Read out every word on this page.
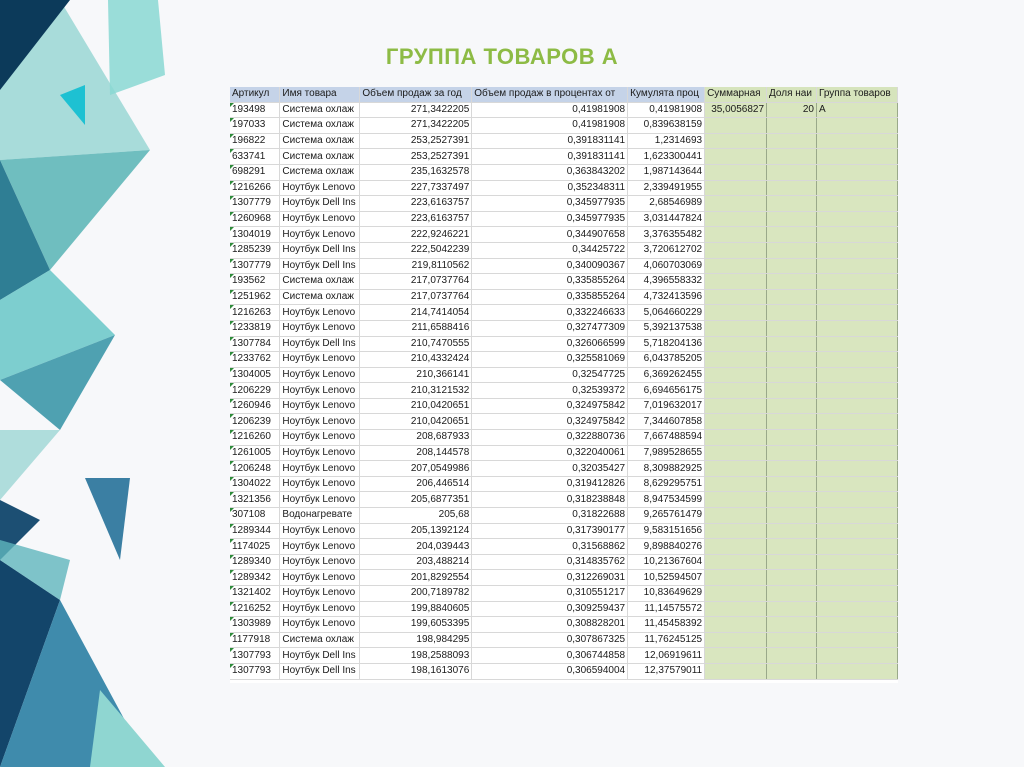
ГРУППА ТОВАРОВ А
Артикул	Имя товара	Объем продаж за год	Объем продаж в процентах от	Кумулята проц	Суммарная	Доля наи	Группа товаров
193498	Система охлаж	271,3422205	0,41981908	0,41981908	35,0056827	20	А
197033	Система охлаж	271,3422205	0,41981908	0,839638159			
196822	Система охлаж	253,2527391	0,391831141	1,2314693			
633741	Система охлаж	253,2527391	0,391831141	1,623300441			
698291	Система охлаж	235,1632578	0,363843202	1,987143644			
1216266	Ноутбук Lenovo	227,7337497	0,352348311	2,339491955			
1307779	Ноутбук Dell Ins	223,6163757	0,345977935	2,68546989			
1260968	Ноутбук Lenovo	223,6163757	0,345977935	3,031447824			
1304019	Ноутбук Lenovo	222,9246221	0,344907658	3,376355482			
1285239	Ноутбук Dell Ins	222,5042239	0,34425722	3,720612702			
1307779	Ноутбук Dell Ins	219,8110562	0,340090367	4,060703069			
193562	Система охлаж	217,0737764	0,335855264	4,396558332			
1251962	Система охлаж	217,0737764	0,335855264	4,732413596			
1216263	Ноутбук Lenovo	214,7414054	0,332246633	5,064660229			
1233819	Ноутбук Lenovo	211,6588416	0,327477309	5,392137538			
1307784	Ноутбук Dell Ins	210,7470555	0,326066599	5,718204136			
1233762	Ноутбук Lenovo	210,4332424	0,325581069	6,043785205			
1304005	Ноутбук Lenovo	210,366141	0,32547725	6,369262455			
1206229	Ноутбук Lenovo	210,3121532	0,32539372	6,694656175			
1260946	Ноутбук Lenovo	210,0420651	0,324975842	7,019632017			
1206239	Ноутбук Lenovo	210,0420651	0,324975842	7,344607858			
1216260	Ноутбук Lenovo	208,687933	0,322880736	7,667488594			
1261005	Ноутбук Lenovo	208,144578	0,322040061	7,989528655			
1206248	Ноутбук Lenovo	207,0549986	0,32035427	8,309882925			
1304022	Ноутбук Lenovo	206,446514	0,319412826	8,629295751			
1321356	Ноутбук Lenovo	205,6877351	0,318238848	8,947534599			
307108	Водонагревате	205,68	0,31822688	9,265761479			
1289344	Ноутбук Lenovo	205,1392124	0,317390177	9,583151656			
1174025	Ноутбук Lenovo	204,039443	0,31568862	9,898840276			
1289340	Ноутбук Lenovo	203,488214	0,314835762	10,21367604			
1289342	Ноутбук Lenovo	201,8292554	0,312269031	10,52594507			
1321402	Ноутбук Lenovo	200,7189782	0,310551217	10,83649629			
1216252	Ноутбук Lenovo	199,8840605	0,309259437	11,14575572			
1303989	Ноутбук Lenovo	199,6053395	0,308828201	11,45458392			
1177918	Система охлаж	198,984295	0,307867325	11,76245125			
1307793	Ноутбук Dell Ins	198,2588093	0,306744858	12,06919611			
1307793	Ноутбук Dell Ins	198,1613076	0,306594004	12,37579011			
